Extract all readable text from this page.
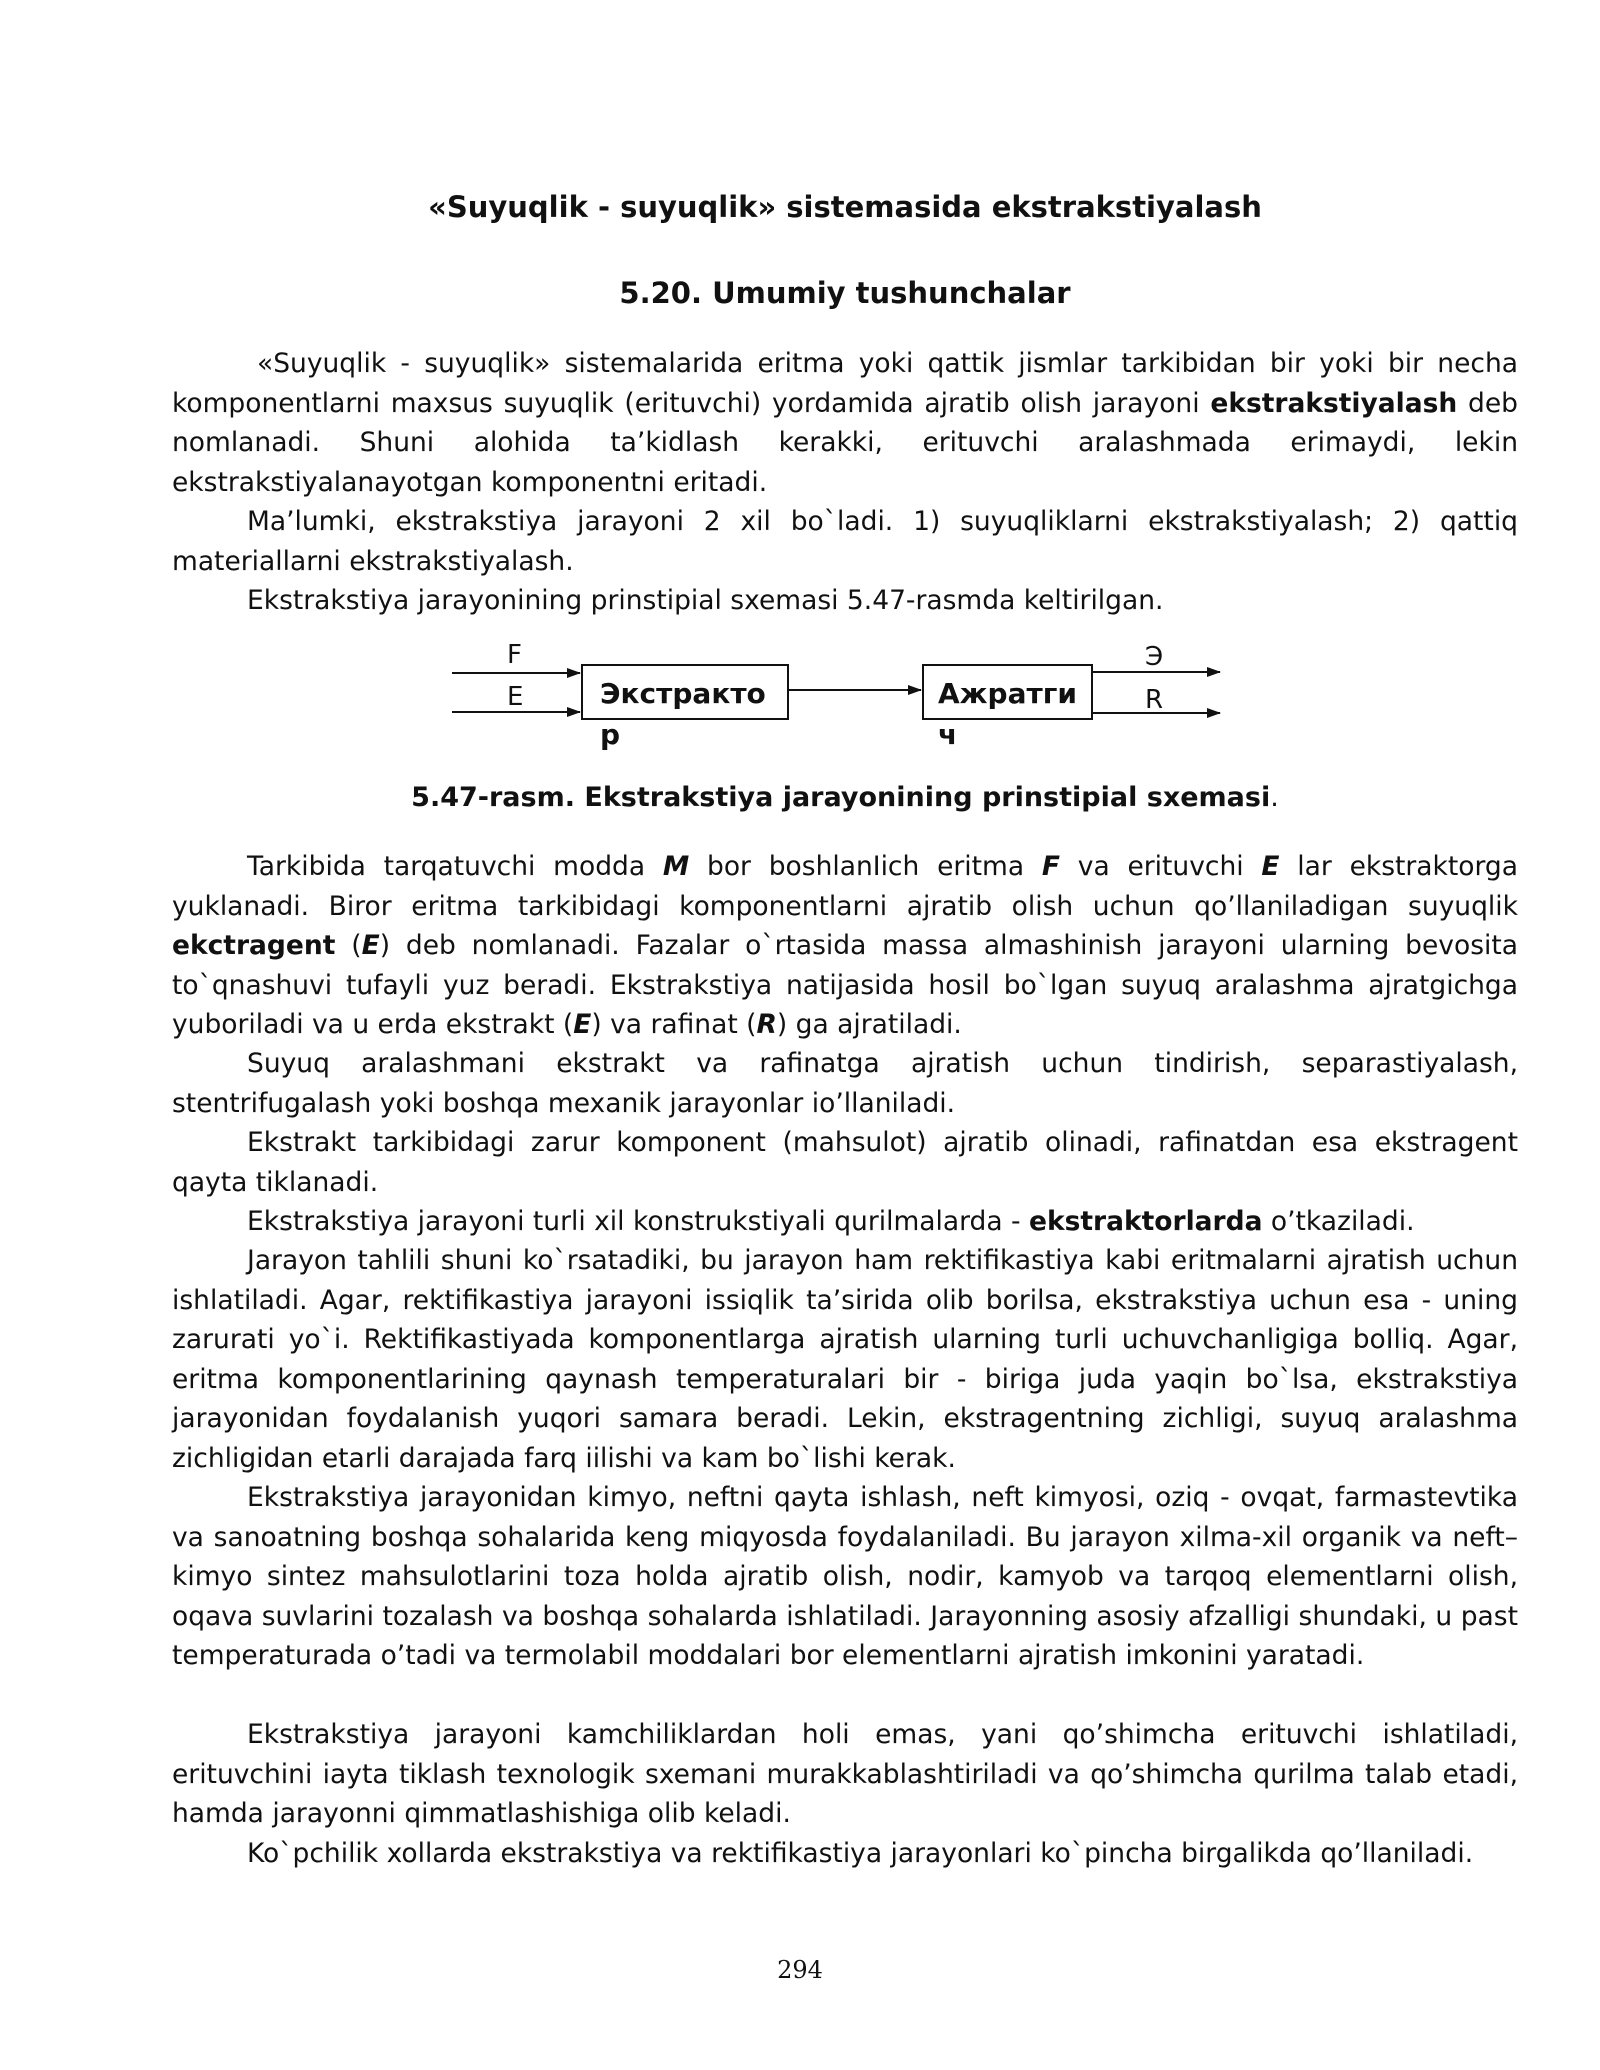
«Suyuqlik - suyuqlik» sistemasida ekstrakstiyalash
5.20. Umumiy tushunchalar

«Suyuqlik - suyuqlik» sistemalarida eritma yoki qattik jismlar tarkibidan bir yoki bir necha komponentlarni maxsus suyuqlik (erituvchi) yordamida ajratib olish jarayoni ekstrakstiyalash deb nomlanadi. Shuni alohida ta’kidlash kerakki, erituvchi aralashmada erimaydi, lekin ekstrakstiyalanayotgan komponentni eritadi.

Ma’lumki, ekstrakstiya jarayoni 2 xil bo`ladi. 1) suyuqliklarni ekstrakstiyalash; 2) qattiq materiallarni ekstrakstiyalash.

Ekstrakstiya jarayonining prinstipial sxemasi 5.47-rasmda keltirilgan.

F
E	Экстракто
р
Ажратги
ч
Э
R
5.47-rasm. Ekstrakstiya jarayonining prinstipial sxemasi.

Tarkibida tarqatuvchi modda M bor boshlanIich eritma F va erituvchi E lar ekstraktorga yuklanadi. Biror eritma tarkibidagi komponentlarni ajratib olish uchun qo’llaniladigan suyuqlik ekctragent (E) deb nomlanadi. Fazalar o`rtasida massa almashinish jarayoni ularning bevosita to`qnashuvi tufayli yuz beradi. Ekstrakstiya natijasida hosil bo`lgan suyuq aralashma ajratgichga yuboriladi va u erda ekstrakt (E) va rafinat (R) ga ajratiladi.

Suyuq aralashmani ekstrakt va rafinatga ajratish uchun tindirish, separastiyalash, stentrifugalash yoki boshqa mexanik jarayonlar io’llaniladi.

Ekstrakt tarkibidagi zarur komponent (mahsulot) ajratib olinadi, rafinatdan esa ekstragent qayta tiklanadi.

Ekstrakstiya jarayoni turli xil konstrukstiyali qurilmalarda - ekstraktorlarda o’tkaziladi.

Jarayon tahlili shuni ko`rsatadiki, bu jarayon ham rektifikastiya kabi eritmalarni ajratish uchun ishlatiladi. Agar, rektifikastiya jarayoni issiqlik ta’sirida olib borilsa, ekstrakstiya uchun esa - uning zarurati yo`i. Rektifikastiyada komponentlarga ajratish ularning turli uchuvchanligiga boIliq. Agar, eritma komponentlarining qaynash temperaturalari bir - biriga juda yaqin bo`lsa, ekstrakstiya jarayonidan foydalanish yuqori samara beradi. Lekin, ekstragentning zichligi, suyuq aralashma zichligidan etarli darajada farq iilishi va kam bo`lishi kerak.

Ekstrakstiya jarayonidan kimyo, neftni qayta ishlash, neft kimyosi, oziq - ovqat, farmastevtika va sanoatning boshqa sohalarida keng miqyosda foydalaniladi. Bu jarayon xilma-xil organik va neft–kimyo sintez mahsulotlarini toza holda ajratib olish, nodir, kamyob va tarqoq elementlarni olish, oqava suvlarini tozalash va boshqa sohalarda ishlatiladi. Jarayonning asosiy afzalligi shundaki, u past temperaturada o’tadi va termolabil moddalari bor elementlarni ajratish imkonini yaratadi.

Ekstrakstiya jarayoni kamchiliklardan holi emas, yani qo’shimcha erituvchi ishlatiladi, erituvchini iayta tiklash texnologik sxemani murakkablashtiriladi va qo’shimcha qurilma talab etadi, hamda jarayonni qimmatlashishiga olib keladi.

Ko`pchilik xollarda ekstrakstiya va rektifikastiya jarayonlari ko`pincha birgalikda qo’llaniladi.

294
